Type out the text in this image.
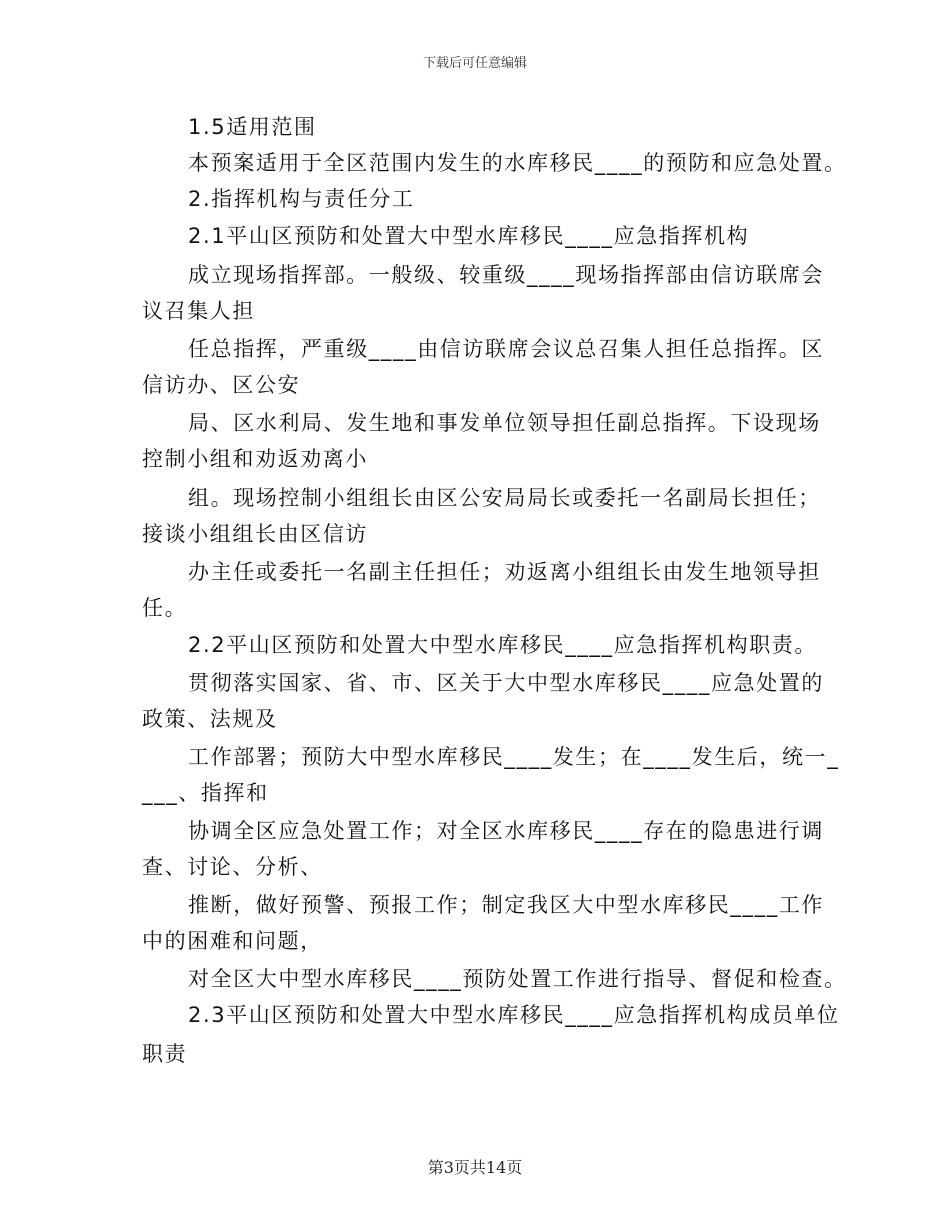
下载后可任意编辑
1.5适用范围
本预案适用于全区范围内发生的水库移民____的预防和应急处置。
2.指挥机构与责任分工
2.1平山区预防和处置大中型水库移民____应急指挥机构
成立现场指挥部。一般级、较重级____现场指挥部由信访联席会
议召集人担
任总指挥，严重级____由信访联席会议总召集人担任总指挥。区
信访办、区公安
局、区水利局、发生地和事发单位领导担任副总指挥。下设现场
控制小组和劝返劝离小
组。现场控制小组组长由区公安局局长或委托一名副局长担任；
接谈小组组长由区信访
办主任或委托一名副主任担任；劝返离小组组长由发生地领导担
任。
2.2平山区预防和处置大中型水库移民____应急指挥机构职责。
贯彻落实国家、省、市、区关于大中型水库移民____应急处置的
政策、法规及
工作部署；预防大中型水库移民____发生；在____发生后，统一_
___、指挥和
协调全区应急处置工作；对全区水库移民____存在的隐患进行调
查、讨论、分析、
推断，做好预警、预报工作；制定我区大中型水库移民____工作
中的困难和问题，
对全区大中型水库移民____预防处置工作进行指导、督促和检查。
2.3平山区预防和处置大中型水库移民____应急指挥机构成员单位
职责
第3页共14页
